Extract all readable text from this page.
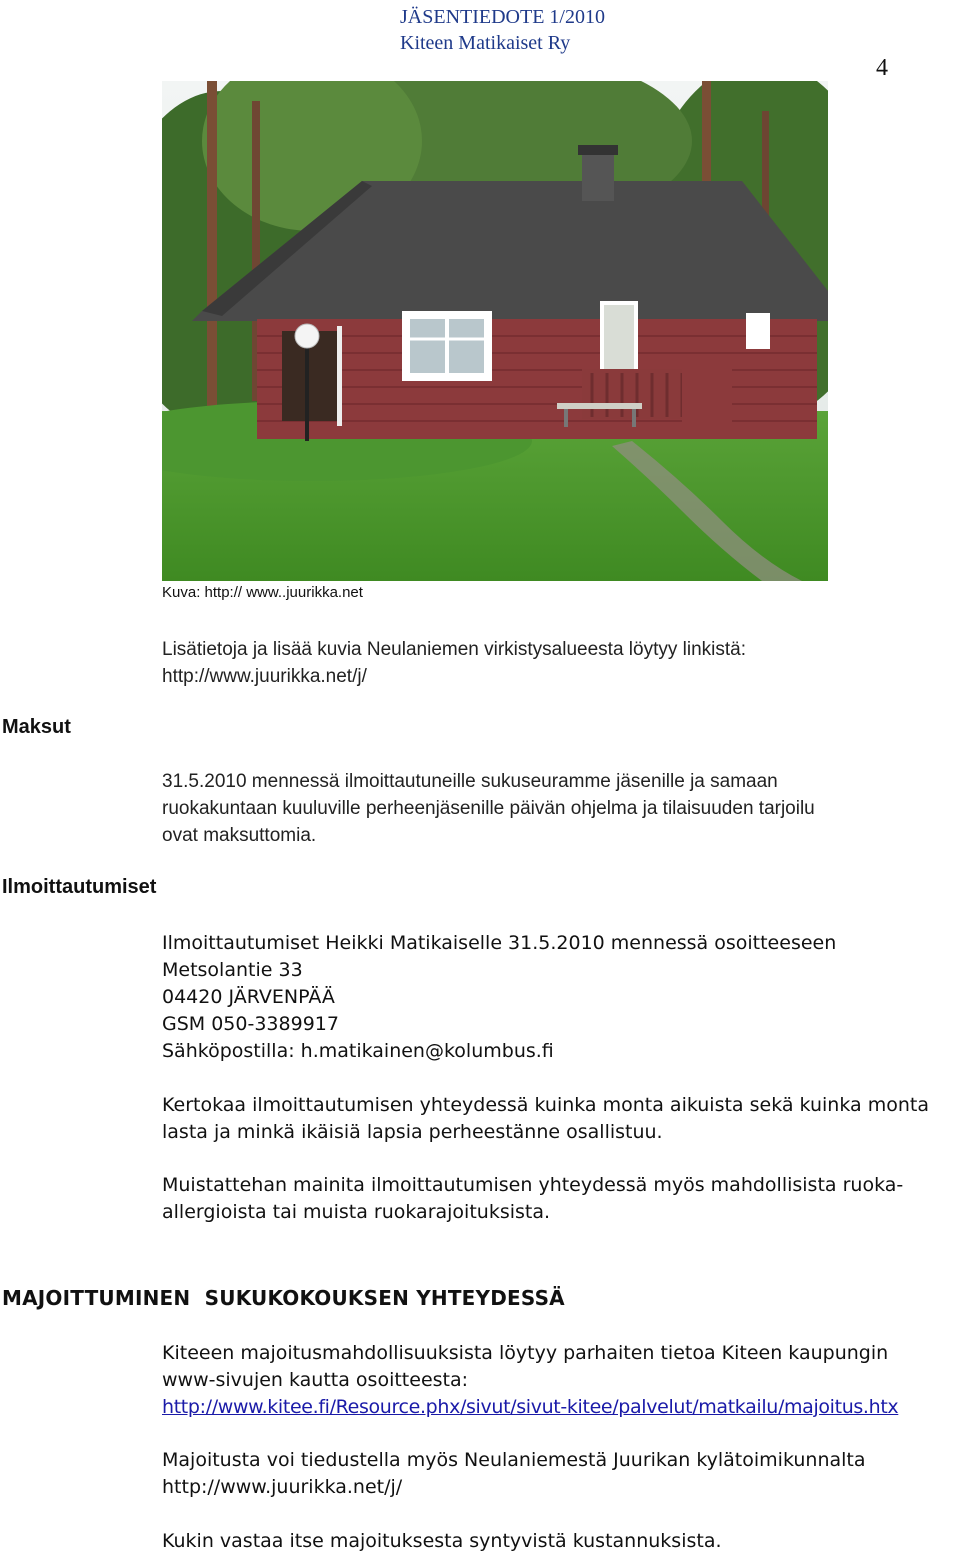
JÄSENTIEDOTE 1/2010
Kiteen Matikaiset Ry
4
Kuva: http:// www..juurikka.net
Lisätietoja ja lisää kuvia Neulaniemen virkistysalueesta löytyy linkistä:
http://www.juurikka.net/j/
Maksut
Ilmoittautumiset
31.5.2010 mennessä ilmoittautuneille sukuseuramme jäsenille ja samaan
ruokakuntaan kuuluville perheenjäsenille päivän ohjelma ja tilaisuuden tarjoilu
ovat maksuttomia.
Ilmoittautumiset Heikki Matikaiselle 31.5.2010 mennessä osoitteeseen
Metsolantie 33
04420 JÄRVENPÄÄ
GSM 050-3389917
Sähköpostilla: h.matikainen@kolumbus.fi
Kertokaa ilmoittautumisen yhteydessä kuinka monta aikuista sekä kuinka monta
lasta ja minkä ikäisiä lapsia perheestänne osallistuu.
Muistattehan mainita ilmoittautumisen yhteydessä myös mahdollisista ruoka-
allergioista tai muista ruokarajoituksista.
MAJOITTUMINEN  SUKUKOKOUKSEN YHTEYDESSÄ
Kiteeen majoitusmahdollisuuksista löytyy parhaiten tietoa Kiteen kaupungin
www-sivujen kautta osoitteesta:
http://www.kitee.fi/Resource.phx/sivut/sivut-kitee/palvelut/matkailu/majoitus.htx
Majoitusta voi tiedustella myös Neulaniemestä Juurikan kylätoimikunnalta
http://www.juurikka.net/j/
Kukin vastaa itse majoituksesta syntyvistä kustannuksista.
